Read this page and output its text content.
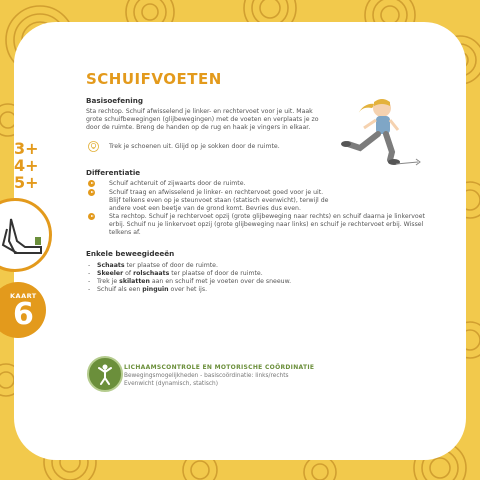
3+
4+
5+
KAART
6
SCHUIFVOETEN
Basisoefening

Sta rechtop. Schuif afwisselend je linker- en rechtervoet voor je uit. Maak

grote schuifbewegingen (glijbewegingen) met de voeten en verplaats je zo

door de ruimte. Breng de handen op de rug en haak je vingers in elkaar.

Trek je schoenen uit. Glijd op je sokken door de ruimte.

Differentiatie

Schuif achteruit of zijwaarts door de ruimte.

Schuif traag en afwisselend je linker- en rechtervoet goed voor je uit.

Blijf telkens even op je steunvoet staan (statisch evenwicht), terwijl de

andere voet een beetje van de grond komt. Bevries dus even.

Sta rechtop. Schuif je rechtervoet opzij (grote glijbeweging naar rechts) en schuif daarna je linkervoet

erbij. Schuif nu je linkervoet opzij (grote glijbeweging naar links) en schuif je rechtervoet erbij. Wissel

telkens af.

Enkele beweegideeën
- Schaats ter plaatse of door de ruimte.

- Skeeler of rolschaats ter plaatse of door de ruimte.

- Trek je skilatten aan en schuif met je voeten over de sneeuw.

- Schuif als een pinguïn over het ijs.

LICHAAMSCONTROLE EN MOTORISCHE COÖRDINATIE
Bewegingsmogelijkheden - basiscoördinatie: links/rechts
Evenwicht (dynamisch, statisch)
